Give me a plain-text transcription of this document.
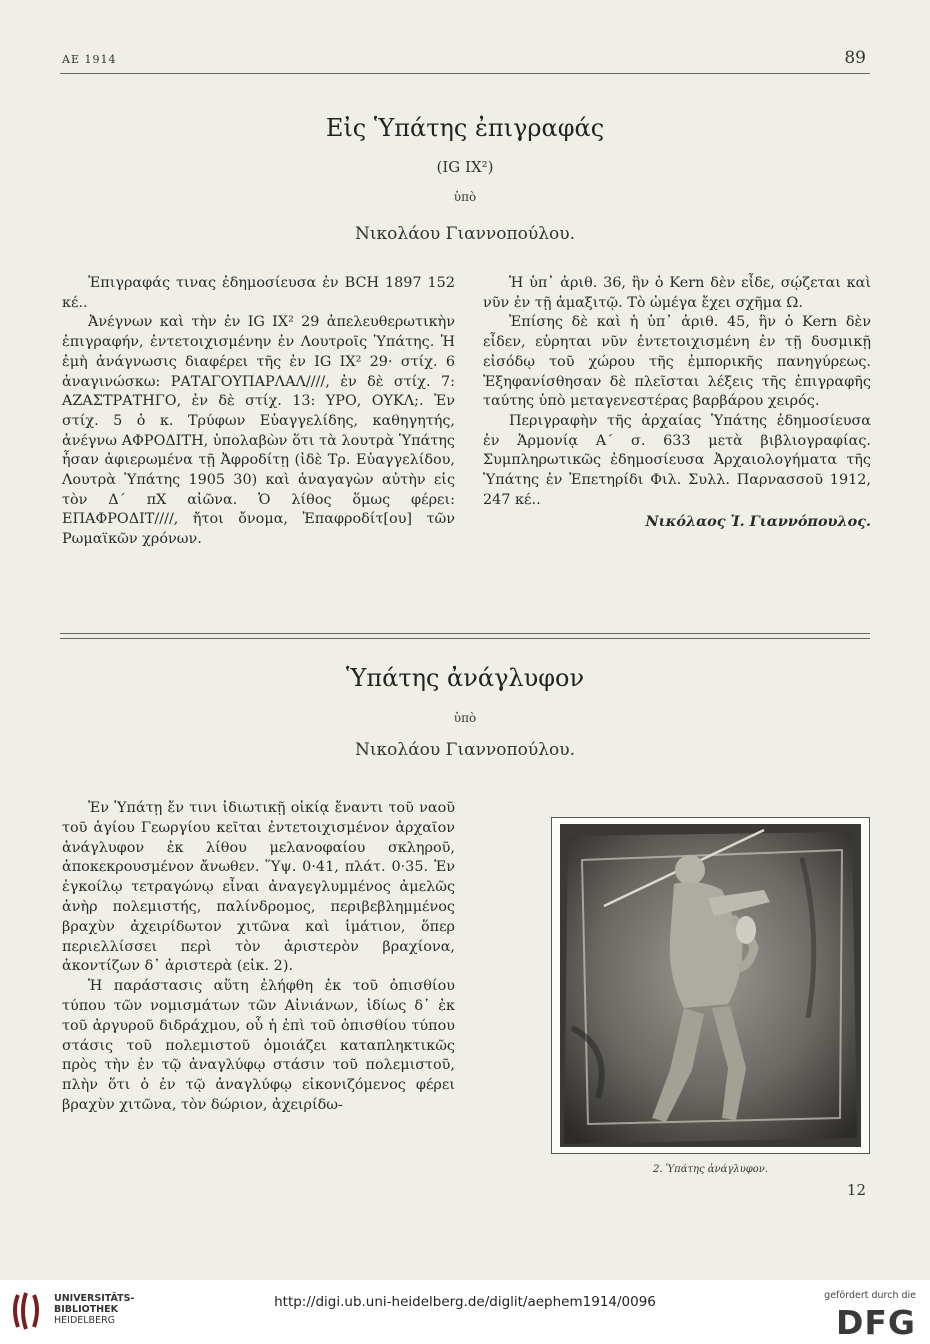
ΑΕ 1914	89
Εἰς Ὑπάτης ἐπιγραφάς
(IG IX²)
ὑπὸ
Νικολάου Γιαννοπούλου.

Ἐπιγραφάς τινας ἐδημοσίευσα ἐν BCH 1897 152 κέ..

Ἀνέγνων καὶ τὴν ἐν IG IX² 29 ἀπελευθερωτικὴν ἐπιγραφήν, ἐντετοιχισμένην ἐν Λουτροῖς Ὑπάτης. Ἡ ἐμὴ ἀνάγνωσις διαφέρει τῆς ἐν IG IX² 29· στίχ. 6 ἀναγινώσκω: ΡΑΤΑΓΟΥΠΑΡΛΑΛ////, ἐν δὲ στίχ. 7: ΑΖΑΣΤΡΑΤΗΓΟ, ἐν δὲ στίχ. 13: ΥΡΟ, ΟΥΚΛ;. Ἐν στίχ. 5 ὁ κ. Τρύφων Εὐαγγελίδης, καθηγητής, ἀνέγνω ΑΦΡΟΔΙΤΗ, ὑπολαβὼν ὅτι τὰ λουτρὰ Ὑπάτης ἦσαν ἀφιερωμένα τῇ Ἀφροδίτῃ (ἰδὲ Τρ. Εὐαγγελίδου, Λουτρὰ Ὑπάτης 1905 30) καὶ ἀναγαγὼν αὐτὴν εἰς τὸν Δ΄ πΧ αἰῶνα. Ὁ λίθος ὅμως φέρει: ΕΠΑΦΡΟΔΙΤ////, ἤτοι ὄνομα, Ἐπαφροδίτ[ου] τῶν Ρωμαϊκῶν χρόνων.

Ἡ ὑπ᾽ ἀριθ. 36, ἣν ὁ Kern δὲν εἶδε, σῴζεται καὶ νῦν ἐν τῇ ἁμαξιτῷ. Τὸ ὠμέγα ἔχει σχῆμα Ω.

Ἐπίσης δὲ καὶ ἡ ὑπ᾽ ἀριθ. 45, ἣν ὁ Kern δὲν εἶδεν, εὑρηται νῦν ἐντετοιχισμένη ἐν τῇ δυσμικῇ εἰσόδῳ τοῦ χώρου τῆς ἐμπορικῆς πανηγύρεως. Ἐξηφανίσθησαν δὲ πλεῖσται λέξεις τῆς ἐπιγραφῆς ταύτης ὑπὸ μεταγενεστέρας βαρβάρου χειρός.

Περιγραφὴν τῆς ἀρχαίας Ὑπάτης ἐδημοσίευσα ἐν Ἁρμονίᾳ Α΄ σ. 633 μετὰ βιβλιογραφίας. Συμπληρωτικῶς ἐδημοσίευσα Ἀρχαιολογήματα τῆς Ὑπάτης ἐν Ἐπετηρίδι Φιλ. Συλλ. Παρνασσοῦ 1912, 247 κέ..

Νικόλαος Ἰ. Γιαννόπουλος.

Ὑπάτης ἀνάγλυφον
ὑπὸ
Νικολάου Γιαννοπούλου.

Ἐν Ὑπάτῃ ἔν τινι ἰδιωτικῇ οἰκίᾳ ἔναντι τοῦ ναοῦ τοῦ ἁγίου Γεωργίου κεῖται ἐντετοιχισμένον ἀρχαῖον ἀνάγλυφον ἐκ λίθου μελανοφαίου σκληροῦ, ἀποκεκρουσμένον ἄνωθεν. Ὕψ. 0·41, πλάτ. 0·35. Ἐν ἐγκοίλῳ τετραγώνῳ εἶναι ἀναγεγλυμμένος ἀμελῶς ἀνὴρ πολεμιστής, παλίνδρομος, περιβεβλημμένος βραχὺν ἀχειρίδωτον χιτῶνα καὶ ἱμάτιον, ὅπερ περιελλίσσει περὶ τὸν ἀριστερὸν βραχίονα, ἀκοντίζων δ᾽ ἀριστερὰ (εἰκ. 2).

Ἡ παράστασις αὕτη ἐλήφθη ἐκ τοῦ ὀπισθίου τύπου τῶν νομισμάτων τῶν Αἰνιάνων, ἰδίως δ᾽ ἐκ τοῦ ἀργυροῦ διδράχμου, οὗ ἡ ἐπὶ τοῦ ὀπισθίου τύπου στάσις τοῦ πολεμιστοῦ ὁμοιάζει καταπληκτικῶς πρὸς τὴν ἐν τῷ ἀναγλύφῳ στάσιν τοῦ πολεμιστοῦ, πλὴν ὅτι ὁ ἐν τῷ ἀναγλύφῳ εἰκονιζόμενος φέρει βραχὺν χιτῶνα, τὸν δώριον, ἀχειρίδω-

2. Ὑπάτης ἀνάγλυφον.
12
UNIVERSITÄTS-
BIBLIOTHEK
HEIDELBERG
http://digi.ub.uni-heidelberg.de/diglit/aephem1914/0096	gefördert durch die
DFG
